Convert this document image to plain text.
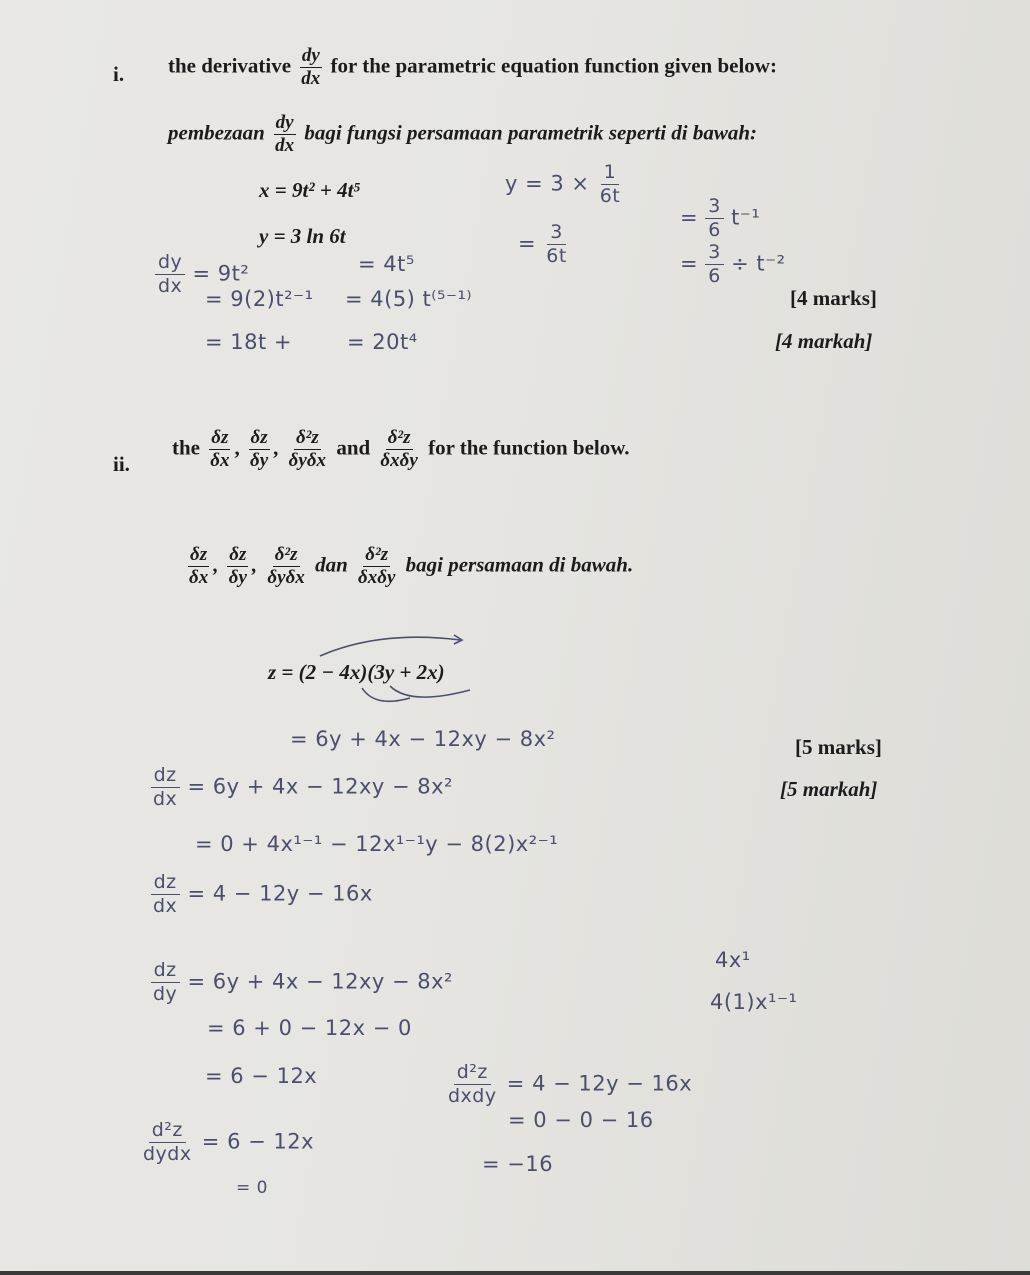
i. the derivative $\frac{dy}{dx}$ for the parametric equation function given below:
pembezaan $\frac{dy}{dx}$ bagi fungsi persamaan parametrik seperti di bawah:
x = 9t² + 4t⁵
y = 3 ln 6t
[4 marks]
[4 markah]
$y = 3 \times \frac{1}{6t}$
= $\frac{3}{6} t^{-1}$
= $\frac{3}{6t}$	= $\frac{3}{6} \div t^{-2}$
$\frac{dy}{dx} = 9t^2$	= 4t⁵
= 9(2)t²⁻¹ = 4(5) t⁽⁵⁻¹⁾
= 18t +	= 20t⁴
ii.
the $\frac{\delta z}{\delta x}$ , $\frac{\delta z}{\delta y}$ , $\frac{\text{δ²z}}{\text{δyδx}}$ and $\frac{\text{δ²z}}{\text{δxδy}}$ for the function below.
$\frac{\delta z}{\delta x}$ , $\frac{\delta z}{\delta y}$ , $\frac{\text{δ²z}}{\text{δyδx}}$ dan $\frac{\text{δ²z}}{\text{δxδy}}$ bagi persamaan di bawah.
z = (2 − 4x)(3y + 2x)
[5 marks]
[5 markah]
= 6y + 4x − 12xy − 8x²
$\frac{dz}{dx} = 6y + 4x - 12xy - 8x^2$
= 0 + 4x¹⁻¹ − 12x¹⁻¹y − 8(2)x²⁻¹
$\frac{dz}{dx} = 4 - 12y - 16x$
$\frac{dz}{dy} = 6y + 4x - 12xy - 8x^2$
= 6 + 0 − 12x − 0
= 6 − 12x
4x¹
4(1)x¹⁻¹
$\frac{\text{d²z}}{\text{dxdy}} = 4 - 12y - 16x$
= 0 − 0 − 16
= −16
$\frac{\text{d²z}}{\text{dydx}} = 6 - 12x$
= 0
